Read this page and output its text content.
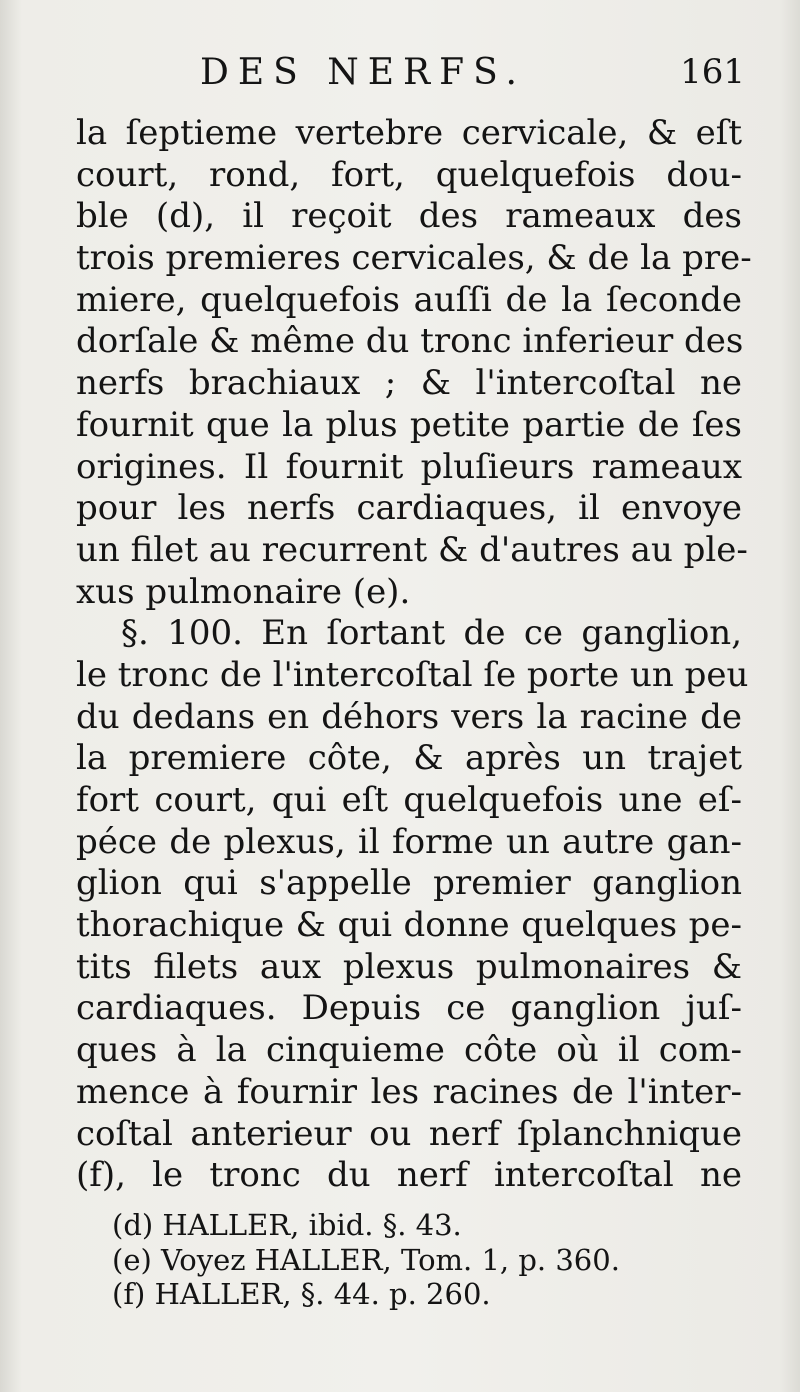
DES NERFS.	161
la ſeptieme vertebre cervicale, & eſt
court, rond, fort, quelquefois dou-
ble (d), il reçoit des rameaux des
trois premieres cervicales, & de la pre-
miere, quelquefois auſſi de la ſeconde
dorſale & même du tronc inferieur des
nerfs brachiaux ; & l'intercoſtal ne
fournit que la plus petite partie de ſes
origines. Il fournit pluſieurs rameaux
pour les nerfs cardiaques, il envoye
un filet au recurrent & d'autres au ple-
xus pulmonaire (e).
§. 100. En ſortant de ce ganglion,
le tronc de l'intercoſtal ſe porte un peu
du dedans en déhors vers la racine de
la premiere côte, & après un trajet
fort court, qui eſt quelquefois une eſ-
péce de plexus, il forme un autre gan-
glion qui s'appelle premier ganglion
thorachique & qui donne quelques pe-
tits filets aux plexus pulmonaires &
cardiaques. Depuis ce ganglion juſ-
ques à la cinquieme côte où il com-
mence à fournir les racines de l'inter-
coſtal anterieur ou nerf ſplanchnique
(f), le tronc du nerf intercoſtal ne
(d) HALLER, ibid. §. 43.
(e) Voyez HALLER, Tom. 1, p. 360.
(f) HALLER, §. 44. p. 260.
